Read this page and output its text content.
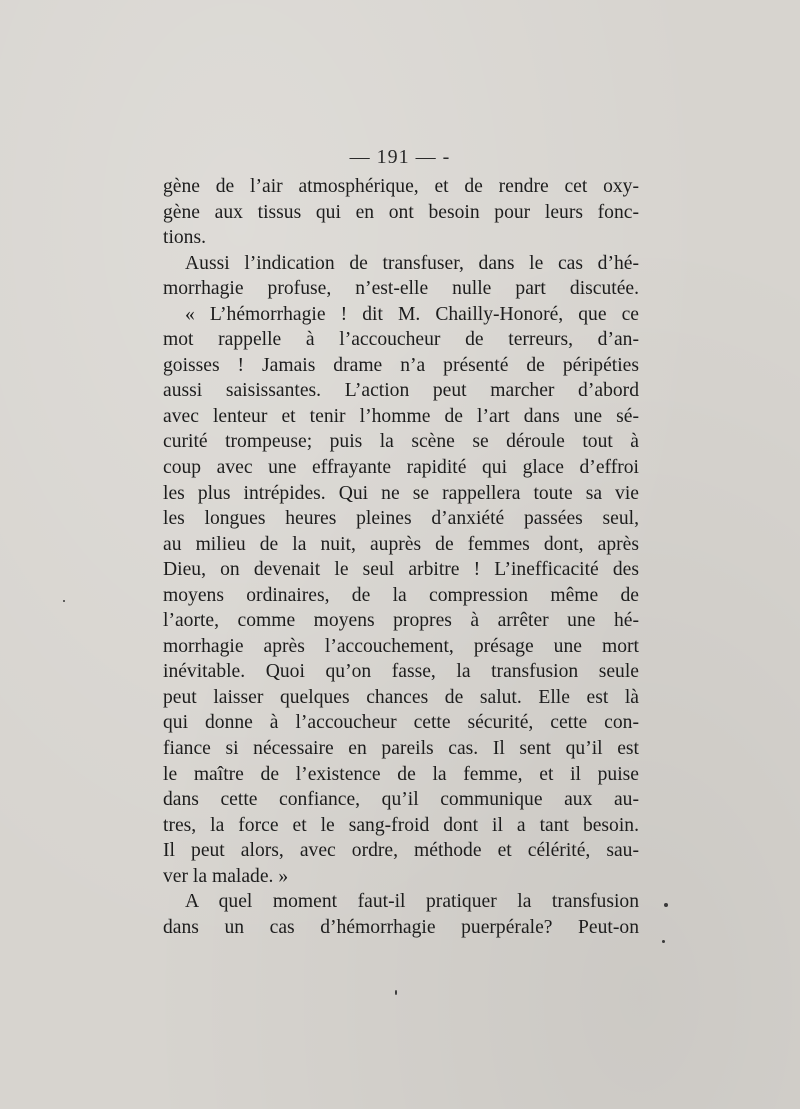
— 191 — -
gène de l’air atmosphérique, et de rendre cet oxy-
gène aux tissus qui en ont besoin pour leurs fonc-
tions.
Aussi l’indication de transfuser, dans le cas d’hé-
morrhagie profuse, n’est-elle nulle part discutée.
« L’hémorrhagie ! dit M. Chailly-Honoré, que ce
mot rappelle à l’accoucheur de terreurs, d’an-
goisses ! Jamais drame n’a présenté de péripéties
aussi saisissantes. L’action peut marcher d’abord
avec lenteur et tenir l’homme de l’art dans une sé-
curité trompeuse; puis la scène se déroule tout à
coup avec une effrayante rapidité qui glace d’effroi
les plus intrépides. Qui ne se rappellera toute sa vie
les longues heures pleines d’anxiété passées seul,
au milieu de la nuit, auprès de femmes dont, après
Dieu, on devenait le seul arbitre ! L’inefficacité des
moyens ordinaires, de la compression même de
l’aorte, comme moyens propres à arrêter une hé-
morrhagie après l’accouchement, présage une mort
inévitable. Quoi qu’on fasse, la transfusion seule
peut laisser quelques chances de salut. Elle est là
qui donne à l’accoucheur cette sécurité, cette con-
fiance si nécessaire en pareils cas. Il sent qu’il est
le maître de l’existence de la femme, et il puise
dans cette confiance, qu’il communique aux au-
tres, la force et le sang-froid dont il a tant besoin.
Il peut alors, avec ordre, méthode et célérité, sau-
ver la malade. »
A quel moment faut-il pratiquer la transfusion
dans un cas d’hémorrhagie puerpérale? Peut-on
